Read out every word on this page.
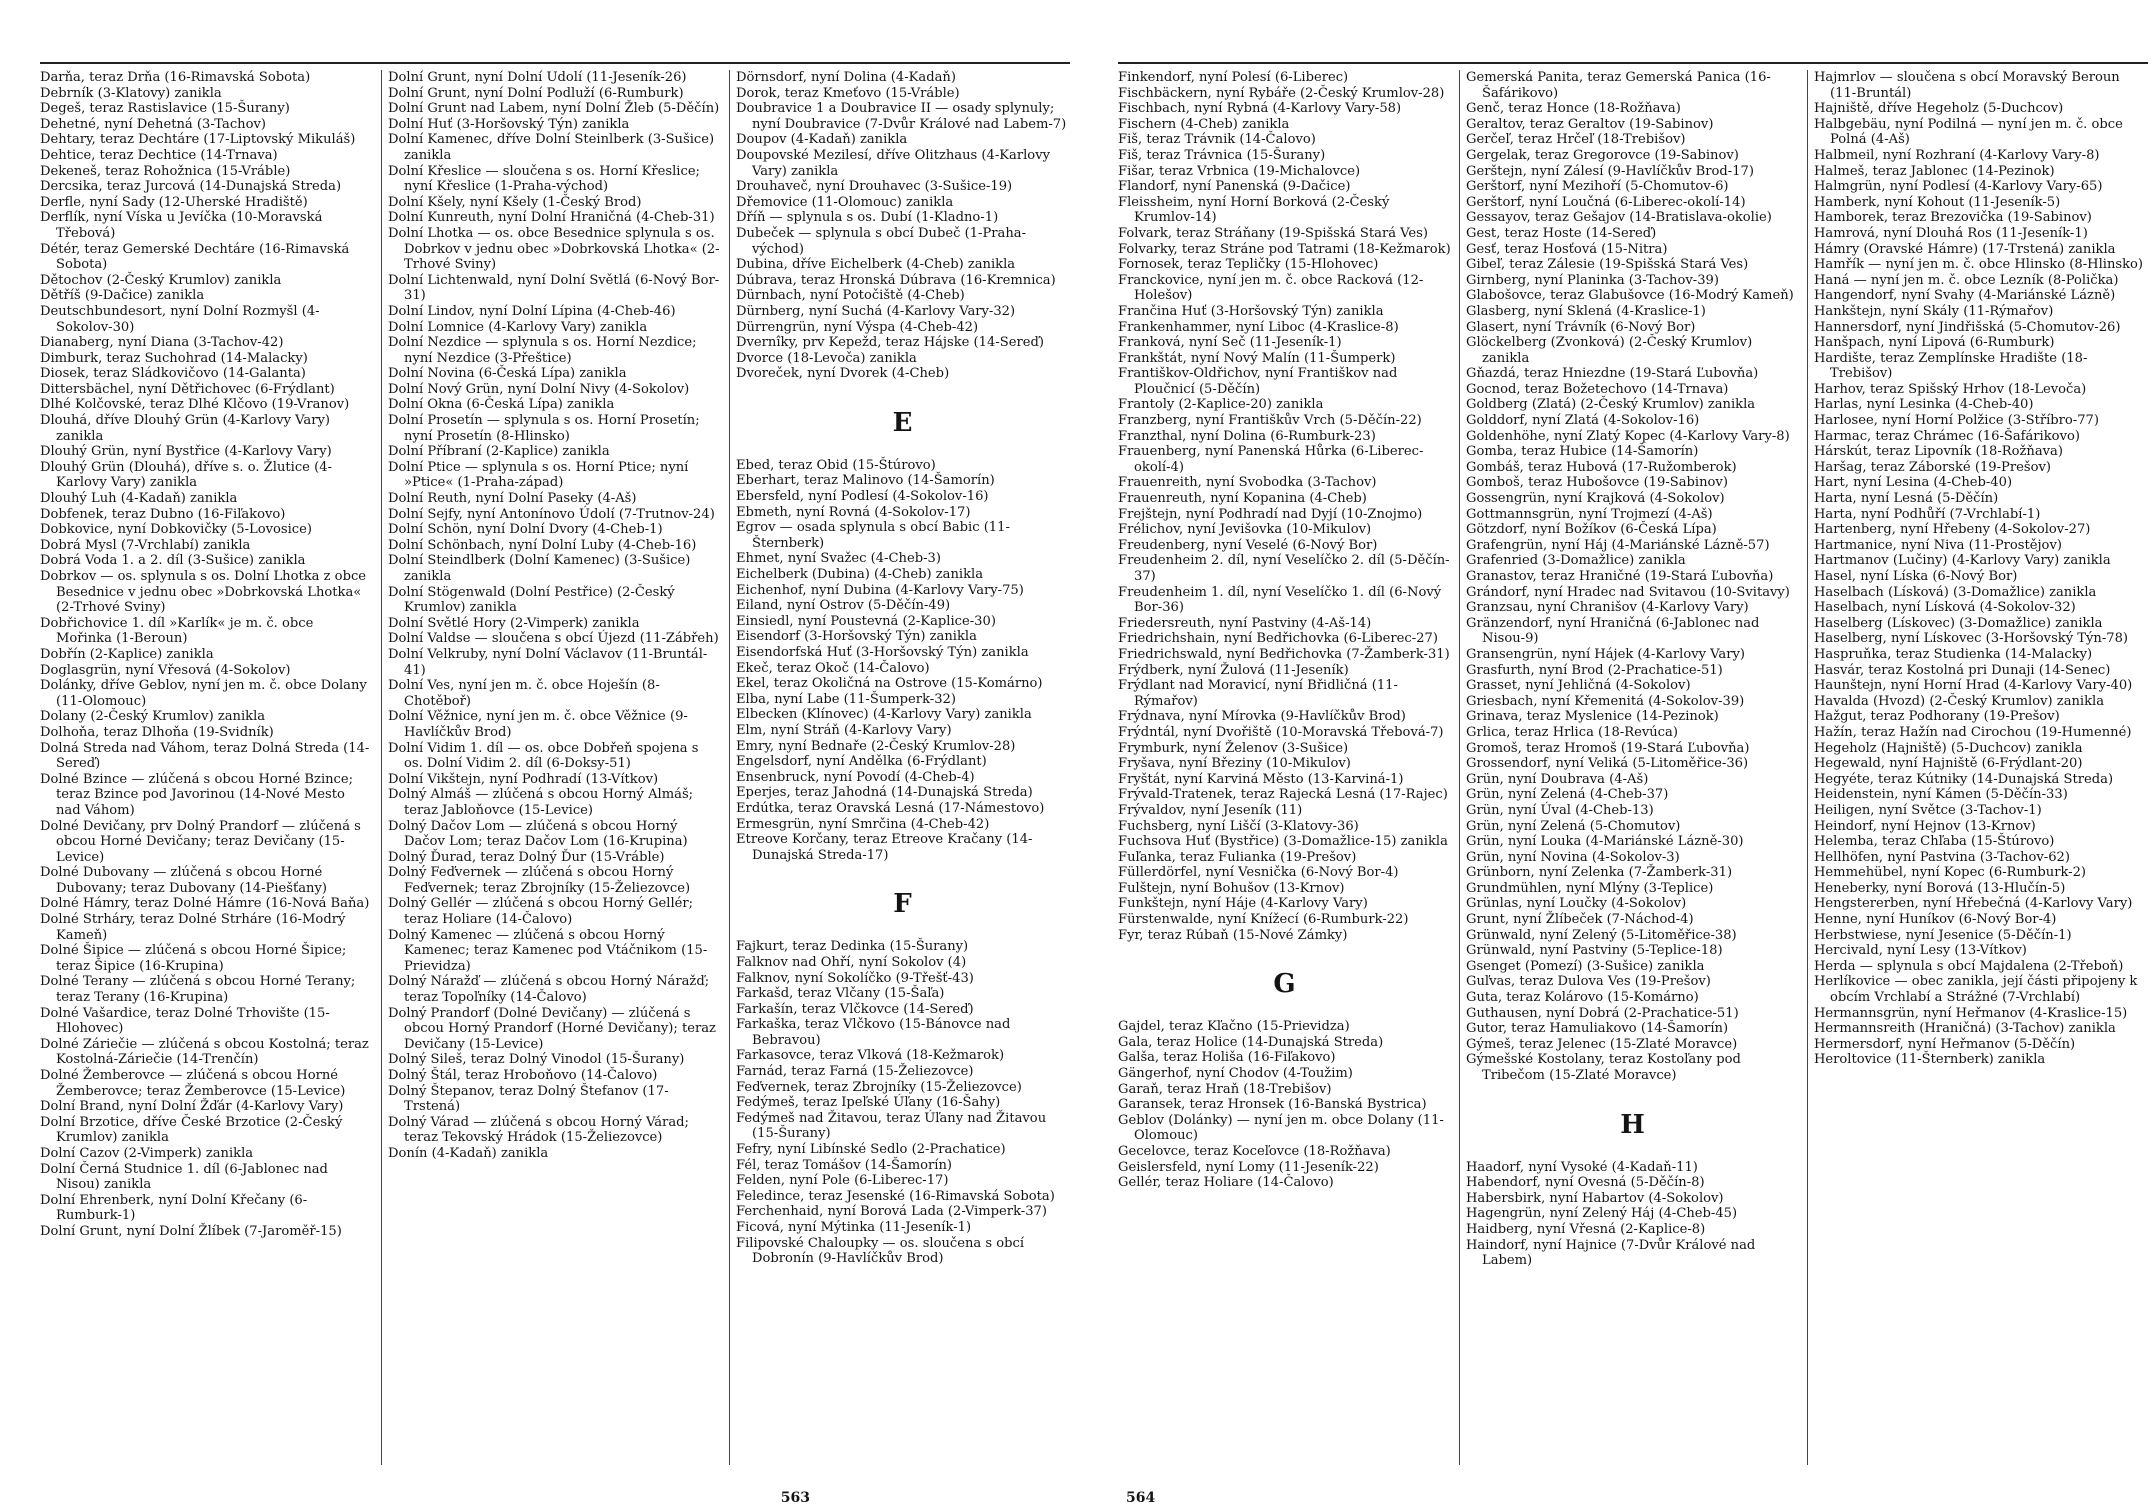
Darňa, teraz Drňa (16-Rimavská Sobota)
Debrník (3-Klatovy) zanikla
Degeš, teraz Rastislavice (15-Šurany)
Dehetné, nyní Dehetná (3-Tachov)
Dehtary, teraz Dechtáre (17-Liptovský Mikuláš)
Dehtice, teraz Dechtice (14-Trnava)
Dekeneš, teraz Rohožnica (15-Vráble)
Dercsika, teraz Jurcová (14-Dunajská Streda)
Derfle, nyní Sady (12-Uherské Hradiště)
Derflík, nyní Víska u Jevíčka (10-Moravská Třebová)
Détér, teraz Gemerské Dechtáre (16-Rimavská Sobota)
Dětochov (2-Český Krumlov) zanikla
Dětříš (9-Dačice) zanikla
Deutschbundesort, nyní Dolní Rozmyšl (4-Sokolov-30)
Dianaberg, nyní Diana (3-Tachov-42)
Dimburk, teraz Suchohrad (14-Malacky)
Diosek, teraz Sládkovičovo (14-Galanta)
Dittersbächel, nyní Dětřichovec (6-Frýdlant)
Dlhé Kolčovské, teraz Dlhé Klčovo (19-Vranov)
Dlouhá, dříve Dlouhý Grün (4-Karlovy Vary) zanikla
Dlouhý Grün, nyní Bystřice (4-Karlovy Vary)
Dlouhý Grün (Dlouhá), dříve s. o. Žlutice (4-Karlovy Vary) zanikla
Dlouhý Luh (4-Kadaň) zanikla
Dobfenek, teraz Dubno (16-Fiľakovo)
Dobkovice, nyní Dobkovičky (5-Lovosice)
Dobrá Mysl (7-Vrchlabí) zanikla
Dobrá Voda 1. a 2. díl (3-Sušice) zanikla
Dobrkov — os. splynula s os. Dolní Lhotka z obce Besednice v jednu obec »Dobrkovská Lhotka« (2-Trhové Sviny)
Dobřichovice 1. díl »Karlík« je m. č. obce Mořinka (1-Beroun)
Dobřín (2-Kaplice) zanikla
Doglasgrün, nyní Vřesová (4-Sokolov)
Dolánky, dříve Geblov, nyní jen m. č. obce Dolany (11-Olomouc)
Dolany (2-Český Krumlov) zanikla
Dolhoňa, teraz Dlhoňa (19-Svidník)
Dolná Streda nad Váhom, teraz Dolná Streda (14-Sereď)
Dolné Bzince — zlúčená s obcou Horné Bzince; teraz Bzince pod Javorinou (14-Nové Mesto nad Váhom)
Dolné Devičany, prv Dolný Prandorf — zlúčená s obcou Horné Devičany; teraz Devičany (15-Levice)
Dolné Dubovany — zlúčená s obcou Horné Dubovany; teraz Dubovany (14-Piešťany)
Dolné Hámry, teraz Dolné Hámre (16-Nová Baňa)
Dolné Strháry, teraz Dolné Strháre (16-Modrý Kameň)
Dolné Šipice — zlúčená s obcou Horné Šipice; teraz Šipice (16-Krupina)
Dolné Terany — zlúčená s obcou Horné Terany; teraz Terany (16-Krupina)
Dolné Vašardice, teraz Dolné Trhovište (15-Hlohovec)
Dolné Záriečie — zlúčená s obcou Kostolná; teraz Kostolná-Záriečie (14-Trenčín)
Dolné Žemberovce — zlúčená s obcou Horné Žemberovce; teraz Žemberovce (15-Levice)
Dolní Brand, nyní Dolní Žďár (4-Karlovy Vary)
Dolní Brzotice, dříve České Brzotice (2-Český Krumlov) zanikla
Dolní Cazov (2-Vimperk) zanikla
Dolní Černá Studnice 1. díl (6-Jablonec nad Nisou) zanikla
Dolní Ehrenberk, nyní Dolní Křečany (6-Rumburk-1)
Dolní Grunt, nyní Dolní Žlíbek (7-Jaroměř-15)
Dolní Grunt, nyní Dolní Údolí (11-Jeseník-26)
Dolní Grunt, nyní Dolní Podluží (6-Rumburk)
Dolní Grunt nad Labem, nyní Dolní Žleb (5-Děčín)
Dolní Huť (3-Horšovský Týn) zanikla
Dolní Kamenec, dříve Dolní Steinlberk (3-Sušice) zanikla
Dolní Křeslice — sloučena s os. Horní Křeslice; nyní Křeslice (1-Praha-východ)
Dolní Kšely, nyní Kšely (1-Český Brod)
Dolní Kunreuth, nyní Dolní Hraničná (4-Cheb-31)
Dolní Lhotka — os. obce Besednice splynula s os. Dobrkov v jednu obec »Dobrkovská Lhotka« (2-Trhové Sviny)
Dolní Lichtenwald, nyní Dolní Světlá (6-Nový Bor-31)
Dolní Lindov, nyní Dolní Lípina (4-Cheb-46)
Dolní Lomnice (4-Karlovy Vary) zanikla
Dolní Nezdice — splynula s os. Horní Nezdice; nyní Nezdice (3-Přeštice)
Dolní Novina (6-Česká Lípa) zanikla
Dolní Nový Grün, nyní Dolní Nivy (4-Sokolov)
Dolní Okna (6-Česká Lípa) zanikla
Dolní Prosetín — splynula s os. Horní Prosetín; nyní Prosetín (8-Hlinsko)
Dolní Příbraní (2-Kaplice) zanikla
Dolní Ptice — splynula s os. Horní Ptice; nyní »Ptice« (1-Praha-západ)
Dolní Reuth, nyní Dolní Paseky (4-Aš)
Dolní Sejfy, nyní Antonínovo Údolí (7-Trutnov-24)
Dolní Schön, nyní Dolní Dvory (4-Cheb-1)
Dolní Schönbach, nyní Dolní Luby (4-Cheb-16)
Dolní Steindlberk (Dolní Kamenec) (3-Sušice) zanikla
Dolní Stögenwald (Dolní Pestřice) (2-Český Krumlov) zanikla
Dolní Světlé Hory (2-Vimperk) zanikla
Dolní Valdse — sloučena s obcí Újezd (11-Zábřeh)
Dolní Velkruby, nyní Dolní Václavov (11-Bruntál-41)
Dolní Ves, nyní jen m. č. obce Hoješín (8-Chotěboř)
Dolní Věžnice, nyní jen m. č. obce Věžnice (9-Havlíčkův Brod)
Dolní Vidim 1. díl — os. obce Dobřeň spojena s os. Dolní Vidim 2. díl (6-Doksy-51)
Dolní Vikštejn, nyní Podhradí (13-Vítkov)
Dolný Almáš — zlúčená s obcou Horný Almáš; teraz Jabloňovce (15-Levice)
Dolný Dačov Lom — zlúčená s obcou Horný Dačov Lom; teraz Dačov Lom (16-Krupina)
Dolný Ďurad, teraz Dolný Ďur (15-Vráble)
Dolný Feďvernek — zlúčená s obcou Horný Feďvernek; teraz Zbrojníky (15-Želiezovce)
Dolný Gellér — zlúčená s obcou Horný Gellér; teraz Holiare (14-Čalovo)
Dolný Kamenec — zlúčená s obcou Horný Kamenec; teraz Kamenec pod Vtáčnikom (15-Prievidza)
Dolný Náražď — zlúčená s obcou Horný Náražď; teraz Topoľníky (14-Čalovo)
Dolný Prandorf (Dolné Devičany) — zlúčená s obcou Horný Prandorf (Horné Devičany); teraz Devičany (15-Levice)
Dolný Sileš, teraz Dolný Vinodol (15-Šurany)
Dolný Štál, teraz Hroboňovo (14-Čalovo)
Dolný Štepanov, teraz Dolný Štefanov (17-Trstená)
Dolný Várad — zlúčená s obcou Horný Várad; teraz Tekovský Hrádok (15-Želiezovce)
Donín (4-Kadaň) zanikla
Dörnsdorf, nyní Dolina (4-Kadaň)
Dorok, teraz Kmeťovo (15-Vráble)
Doubravice 1 a Doubravice II — osady splynuly; nyní Doubravice (7-Dvůr Králové nad Labem-7)
Doupov (4-Kadaň) zanikla
Doupovské Mezilesí, dříve Olitzhaus (4-Karlovy Vary) zanikla
Drouhaveč, nyní Drouhavec (3-Sušice-19)
Dřemovice (11-Olomouc) zanikla
Dříň — splynula s os. Dubí (1-Kladno-1)
Dubeček — splynula s obcí Dubeč (1-Praha-východ)
Dubina, dříve Eichelberk (4-Cheb) zanikla
Dúbrava, teraz Hronská Dúbrava (16-Kremnica)
Dürnbach, nyní Potočiště (4-Cheb)
Dürnberg, nyní Suchá (4-Karlovy Vary-32)
Dürrengrün, nyní Výspa (4-Cheb-42)
Dvernîky, prv Kepežd, teraz Hájske (14-Sereď)
Dvorce (18-Levoča) zanikla
Dvoreček, nyní Dvorek (4-Cheb)
E
Ebed, teraz Obid (15-Štúrovo)
Eberhart, teraz Malinovo (14-Šamorín)
Ebersfeld, nyní Podlesí (4-Sokolov-16)
Ebmeth, nyní Rovná (4-Sokolov-17)
Egrov — osada splynula s obcí Babic (11-Šternberk)
Ehmet, nyní Svažec (4-Cheb-3)
Eichelberk (Dubina) (4-Cheb) zanikla
Eichenhof, nyní Dubina (4-Karlovy Vary-75)
Eiland, nyní Ostrov (5-Děčín-49)
Einsiedl, nyní Poustevná (2-Kaplice-30)
Eisendorf (3-Horšovský Týn) zanikla
Eisendorfská Huť (3-Horšovský Týn) zanikla
Ekeč, teraz Okoč (14-Čalovo)
Ekel, teraz Okoličná na Ostrove (15-Komárno)
Elba, nyní Labe (11-Šumperk-32)
Elbecken (Klínovec) (4-Karlovy Vary) zanikla
Elm, nyní Stráň (4-Karlovy Vary)
Emry, nyní Bednaře (2-Český Krumlov-28)
Engelsdorf, nyní Andělka (6-Frýdlant)
Ensenbruck, nyní Povodí (4-Cheb-4)
Eperjes, teraz Jahodná (14-Dunajská Streda)
Erdútka, teraz Oravská Lesná (17-Námestovo)
Ermesgrün, nyní Smrčina (4-Cheb-42)
Etreove Korčany, teraz Etreove Kračany (14-Dunajská Streda-17)
F
Fajkurt, teraz Dedinka (15-Šurany)
Falknov nad Ohří, nyní Sokolov (4)
Falknov, nyní Sokolíčko (9-Třešť-43)
Farkašd, teraz Vlčany (15-Šaľa)
Farkašín, teraz Vlčkovce (14-Sereď)
Farkaška, teraz Vlčkovo (15-Bánovce nad Bebravou)
Farkasovce, teraz Vlková (18-Kežmarok)
Farnád, teraz Farná (15-Želiezovce)
Feďvernek, teraz Zbrojníky (15-Želiezovce)
Fedýmeš, teraz Ipeľské Úľany (16-Šahy)
Fedýmeš nad Žitavou, teraz Úľany nad Žitavou (15-Šurany)
Fefry, nyní Libínské Sedlo (2-Prachatice)
Fél, teraz Tomášov (14-Šamorín)
Felden, nyní Pole (6-Liberec-17)
Feledince, teraz Jesenské (16-Rimavská Sobota)
Ferchenhaid, nyní Borová Lada (2-Vimperk-37)
Ficová, nyní Mýtinka (11-Jeseník-1)
Filipovské Chaloupky — os. sloučena s obcí Dobronín (9-Havlíčkův Brod)
563
Finkendorf, nyní Polesí (6-Liberec)
Fischbäckern, nyní Rybáře (2-Český Krumlov-28)
Fischbach, nyní Rybná (4-Karlovy Vary-58)
Fischern (4-Cheb) zanikla
Fiš, teraz Trávnik (14-Čalovo)
Fiš, teraz Trávnica (15-Šurany)
Fišar, teraz Vrbnica (19-Michalovce)
Flandorf, nyní Panenská (9-Dačice)
Fleissheim, nyní Horní Borková (2-Český Krumlov-14)
Folvark, teraz Stráňany (19-Spišská Stará Ves)
Folvarky, teraz Stráne pod Tatrami (18-Kežmarok)
Fornosek, teraz Tepličky (15-Hlohovec)
Franckovice, nyní jen m. č. obce Racková (12-Holešov)
Frančina Huť (3-Horšovský Týn) zanikla
Frankenhammer, nyní Liboc (4-Kraslice-8)
Franková, nyní Seč (11-Jeseník-1)
Frankštát, nyní Nový Malín (11-Šumperk)
Františkov-Oldřichov, nyní Františkov nad Ploučnicí (5-Děčín)
Frantoly (2-Kaplice-20) zanikla
Franzberg, nyní Františkův Vrch (5-Děčín-22)
Franzthal, nyní Dolina (6-Rumburk-23)
Frauenberg, nyní Panenská Hůrka (6-Liberec-okolí-4)
Frauenreith, nyní Svobodka (3-Tachov)
Frauenreuth, nyní Kopanina (4-Cheb)
Frejštejn, nyní Podhradí nad Dyjí (10-Znojmo)
Frélichov, nyní Jevišovka (10-Mikulov)
Freudenberg, nyní Veselé (6-Nový Bor)
Freudenheim 2. díl, nyní Veselíčko 2. díl (5-Děčín-37)
Freudenheim 1. díl, nyní Veselíčko 1. díl (6-Nový Bor-36)
Friedersreuth, nyní Pastviny (4-Aš-14)
Friedrichshain, nyní Bedřichovka (6-Liberec-27)
Friedrichswald, nyní Bedřichovka (7-Žamberk-31)
Frýdberk, nyní Žulová (11-Jeseník)
Frýdlant nad Moravicí, nyní Břidličná (11-Rýmařov)
Frýdnava, nyní Mírovka (9-Havlíčkův Brod)
Frýdntál, nyní Dvořiště (10-Moravská Třebová-7)
Frymburk, nyní Želenov (3-Sušice)
Fryšava, nyní Březiny (10-Mikulov)
Fryštát, nyní Karviná Město (13-Karviná-1)
Frývald-Tratenek, teraz Rajecká Lesná (17-Rajec)
Frývaldov, nyní Jeseník (11)
Fuchsberg, nyní Liščí (3-Klatovy-36)
Fuchsova Huť (Bystřice) (3-Domažlice-15) zanikla
Fuľanka, teraz Fulianka (19-Prešov)
Füllerdörfel, nyní Vesnička (6-Nový Bor-4)
Fulštejn, nyní Bohušov (13-Krnov)
Funkštejn, nyní Háje (4-Karlovy Vary)
Fürstenwalde, nyní Knížecí (6-Rumburk-22)
Fyr, teraz Rúbaň (15-Nové Zámky)
G
Gajdel, teraz Kľačno (15-Prievidza)
Gala, teraz Holice (14-Dunajská Streda)
Galša, teraz Holiša (16-Fiľakovo)
Gängerhof, nyní Chodov (4-Toužim)
Garaň, teraz Hraň (18-Trebišov)
Garansek, teraz Hronsek (16-Banská Bystrica)
Geblov (Dolánky) — nyní jen m. obce Dolany (11-Olomouc)
Gecelovce, teraz Koceľovce (18-Rožňava)
Geislersfeld, nyní Lomy (11-Jeseník-22)
Gellér, teraz Holiare (14-Čalovo)
Gemerská Panita, teraz Gemerská Panica (16-Šafárikovo)
Genč, teraz Honce (18-Rožňava)
Geraltov, teraz Geraltov (19-Sabinov)
Gerčeľ, teraz Hrčeľ (18-Trebišov)
Gergelak, teraz Gregorovce (19-Sabinov)
Gerštejn, nyní Zálesí (9-Havlíčkův Brod-17)
Gerštorf, nyní Mezihoří (5-Chomutov-6)
Gerštorf, nyní Loučná (6-Liberec-okolí-14)
Gessayov, teraz Gešajov (14-Bratislava-okolie)
Gest, teraz Hoste (14-Sereď)
Gesť, teraz Hosťová (15-Nitra)
Gibeľ, teraz Zálesie (19-Spišská Stará Ves)
Girnberg, nyní Planinka (3-Tachov-39)
Glabošovce, teraz Glabušovce (16-Modrý Kameň)
Glasberg, nyní Sklená (4-Kraslice-1)
Glasert, nyní Trávník (6-Nový Bor)
Glöckelberg (Zvonková) (2-Český Krumlov) zanikla
Gňazdá, teraz Hniezdne (19-Stará Ľubovňa)
Gocnod, teraz Božetechovo (14-Trnava)
Goldberg (Zlatá) (2-Český Krumlov) zanikla
Golddorf, nyní Zlatá (4-Sokolov-16)
Goldenhöhe, nyní Zlatý Kopec (4-Karlovy Vary-8)
Gomba, teraz Hubice (14-Šamorín)
Gombáš, teraz Hubová (17-Ružomberok)
Gomboš, teraz Hubošovce (19-Sabinov)
Gossengrün, nyní Krajková (4-Sokolov)
Gottmannsgrün, nyní Trojmezí (4-Aš)
Götzdorf, nyní Božíkov (6-Česká Lípa)
Grafengrün, nyní Háj (4-Mariánské Lázně-57)
Grafenried (3-Domažlice) zanikla
Granastov, teraz Hraničné (19-Stará Ľubovňa)
Grándorf, nyní Hradec nad Svitavou (10-Svitavy)
Granzsau, nyní Chranišov (4-Karlovy Vary)
Gränzendorf, nyní Hraničná (6-Jablonec nad Nisou-9)
Gransengrün, nyní Hájek (4-Karlovy Vary)
Grasfurth, nyní Brod (2-Prachatice-51)
Grasset, nyní Jehličná (4-Sokolov)
Griesbach, nyní Křemenitá (4-Sokolov-39)
Grinava, teraz Myslenice (14-Pezinok)
Grlica, teraz Hrlica (18-Revúca)
Gromoš, teraz Hromoš (19-Stará Ľubovňa)
Grossendorf, nyní Veliká (5-Litoměřice-36)
Grün, nyní Doubrava (4-Aš)
Grün, nyní Zelená (4-Cheb-37)
Grün, nyní Úval (4-Cheb-13)
Grün, nyní Zelená (5-Chomutov)
Grün, nyní Louka (4-Mariánské Lázně-30)
Grün, nyní Novina (4-Sokolov-3)
Grünborn, nyní Zelenka (7-Žamberk-31)
Grundmühlen, nyní Mlýny (3-Teplice)
Grünlas, nyní Loučky (4-Sokolov)
Grunt, nyní Žlíbeček (7-Náchod-4)
Grünwald, nyní Zelený (5-Litoměřice-38)
Grünwald, nyní Pastviny (5-Teplice-18)
Gsenget (Pomezí) (3-Sušice) zanikla
Guľvas, teraz Dulova Ves (19-Prešov)
Guta, teraz Kolárovo (15-Komárno)
Guthausen, nyní Dobrá (2-Prachatice-51)
Gutor, teraz Hamuliakovo (14-Šamorín)
Gýmeš, teraz Jelenec (15-Zlaté Moravce)
Gýmešské Kostolany, teraz Kostoľany pod Tribečom (15-Zlaté Moravce)
H
Haadorf, nyní Vysoké (4-Kadaň-11)
Habendorf, nyní Ovesná (5-Děčín-8)
Habersbirk, nyní Habartov (4-Sokolov)
Hagengrün, nyní Zelený Háj (4-Cheb-45)
Haidberg, nyní Vřesná (2-Kaplice-8)
Haindorf, nyní Hajnice (7-Dvůr Králové nad Labem)
Hajmrlov — sloučena s obcí Moravský Beroun (11-Bruntál)
Hajniště, dříve Hegeholz (5-Duchcov)
Halbgebäu, nyní Podilná — nyní jen m. č. obce Polná (4-Aš)
Halbmeil, nyní Rozhraní (4-Karlovy Vary-8)
Halmeš, teraz Jablonec (14-Pezinok)
Halmgrün, nyní Podlesí (4-Karlovy Vary-65)
Hamberk, nyní Kohout (11-Jeseník-5)
Hamborek, teraz Brezovička (19-Sabinov)
Hamrová, nyní Dlouhá Ros (11-Jeseník-1)
Hámry (Oravské Hámre) (17-Trstená) zanikla
Hamřík — nyní jen m. č. obce Hlinsko (8-Hlinsko)
Haná — nyní jen m. č. obce Lezník (8-Polička)
Hangendorf, nyní Svahy (4-Mariánské Lázně)
Hankštejn, nyní Skály (11-Rýmařov)
Hannersdorf, nyní Jindřišská (5-Chomutov-26)
Hanšpach, nyní Lipová (6-Rumburk)
Hardište, teraz Zemplínske Hradište (18-Trebišov)
Harhov, teraz Spišský Hrhov (18-Levoča)
Harlas, nyní Lesinka (4-Cheb-40)
Harlosee, nyní Horní Polžice (3-Stříbro-77)
Harmac, teraz Chrámec (16-Šafárikovo)
Hárskút, teraz Lipovník (18-Rožňava)
Haršag, teraz Záborské (19-Prešov)
Hart, nyní Lesina (4-Cheb-40)
Harta, nyní Lesná (5-Děčín)
Harta, nyní Podhůří (7-Vrchlabí-1)
Hartenberg, nyní Hřebeny (4-Sokolov-27)
Hartmanice, nyní Niva (11-Prostějov)
Hartmanov (Lučiny) (4-Karlovy Vary) zanikla
Hasel, nyní Líska (6-Nový Bor)
Haselbach (Lísková) (3-Domažlice) zanikla
Haselbach, nyní Lísková (4-Sokolov-32)
Haselberg (Lískovec) (3-Domažlice) zanikla
Haselberg, nyní Lískovec (3-Horšovský Týn-78)
Haspruňka, teraz Studienka (14-Malacky)
Hasvár, teraz Kostolná pri Dunaji (14-Senec)
Haunštejn, nyní Horní Hrad (4-Karlovy Vary-40)
Havalda (Hvozd) (2-Český Krumlov) zanikla
Hažgut, teraz Podhorany (19-Prešov)
Hažín, teraz Hažín nad Cirochou (19-Humenné)
Hegeholz (Hajniště) (5-Duchcov) zanikla
Hegewald, nyní Hajniště (6-Frýdlant-20)
Hegyéte, teraz Kútniky (14-Dunajská Streda)
Heidenstein, nyní Kámen (5-Děčín-33)
Heiligen, nyní Světce (3-Tachov-1)
Heindorf, nyní Hejnov (13-Krnov)
Helemba, teraz Chľaba (15-Štúrovo)
Hellhöfen, nyní Pastvina (3-Tachov-62)
Hemmehübel, nyní Kopec (6-Rumburk-2)
Heneberky, nyní Borová (13-Hlučín-5)
Hengstererben, nyní Hřebečná (4-Karlovy Vary)
Henne, nyní Huníkov (6-Nový Bor-4)
Herbstwiese, nyní Jesenice (5-Děčín-1)
Hercivald, nyní Lesy (13-Vítkov)
Herda — splynula s obcí Majdalena (2-Třeboň)
Herlíkovice — obec zanikla, její části připojeny k obcím Vrchlabí a Strážné (7-Vrchlabí)
Hermannsgrün, nyní Heřmanov (4-Kraslice-15)
Hermannsreith (Hraničná) (3-Tachov) zanikla
Hermersdorf, nyní Heřmanov (5-Děčín)
Heroltovice (11-Šternberk) zanikla
564
